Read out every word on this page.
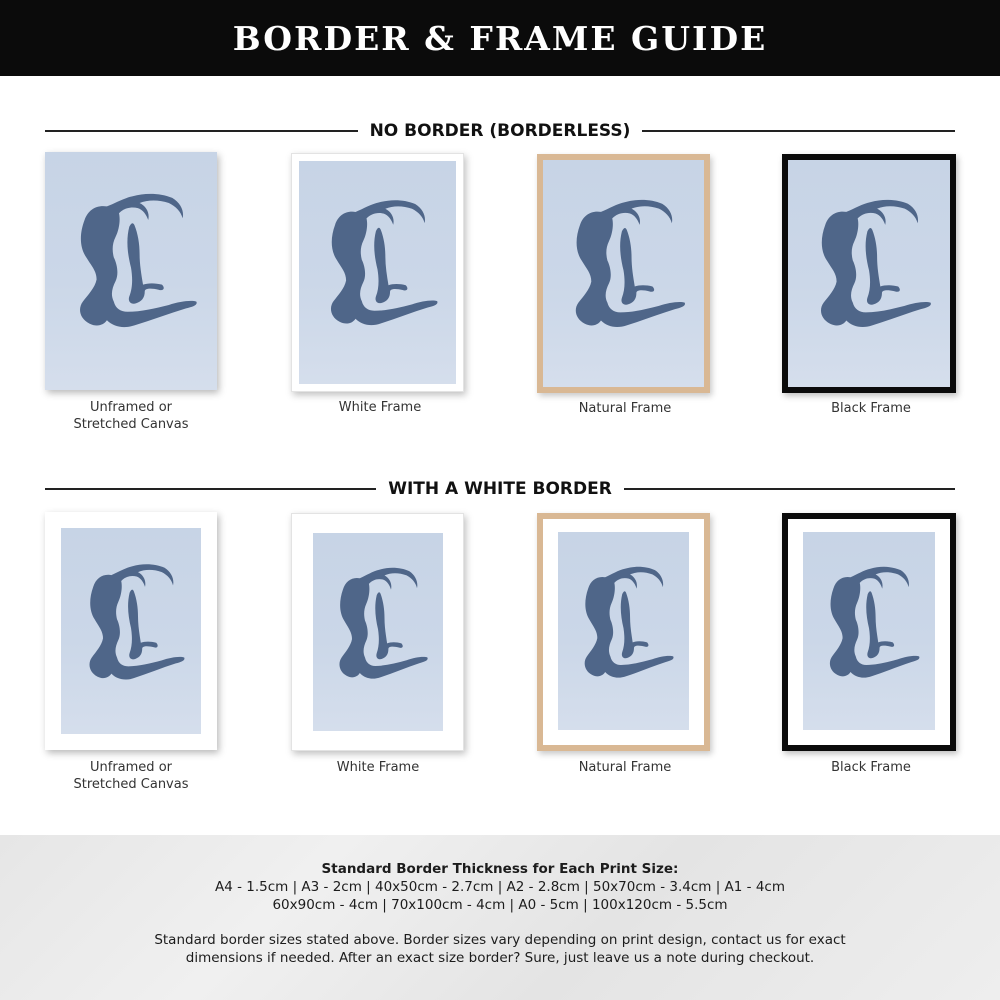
BORDER & FRAME GUIDE
NO BORDER (BORDERLESS)
Unframed or
Stretched Canvas
White Frame	Natural Frame	Black Frame
WITH A WHITE BORDER
Unframed or
Stretched Canvas
White Frame	Natural Frame	Black Frame
Standard Border Thickness for Each Print Size:
A4 - 1.5cm | A3 - 2cm | 40x50cm - 2.7cm | A2 - 2.8cm | 50x70cm - 3.4cm | A1 - 4cm
60x90cm - 4cm | 70x100cm - 4cm | A0 - 5cm | 100x120cm - 5.5cm
Standard border sizes stated above. Border sizes vary depending on print design, contact us for exact
dimensions if needed. After an exact size border? Sure, just leave us a note during checkout.
